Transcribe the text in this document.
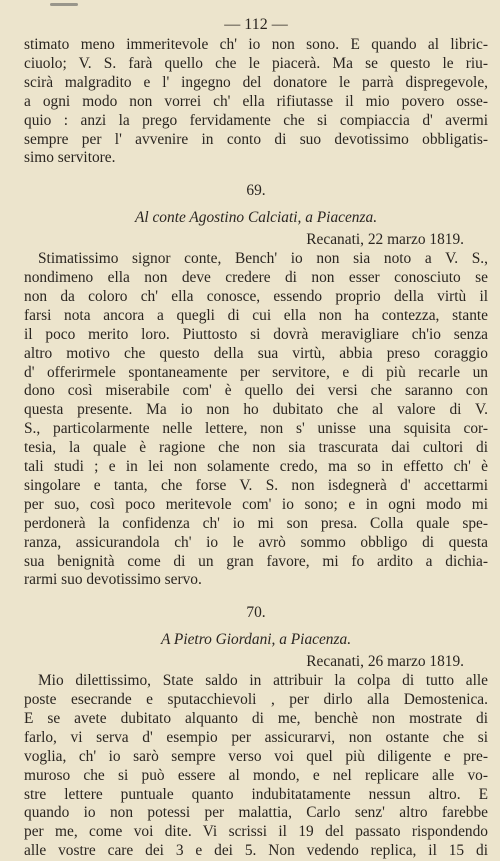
— 112 —
stimato meno immeritevole ch' io non sono. E quando al libric-
ciuolo; V. S. farà quello che le piacerà. Ma se questo le riu-
scirà malgradito e l' ingegno del donatore le parrà dispregevole,
a ogni modo non vorrei ch' ella rifiutasse il mio povero osse-
quio : anzi la prego fervidamente che si compiaccia d' avermi
sempre per l' avvenire in conto di suo devotissimo obbligatis-
simo servitore.
69.
Al conte Agostino Calciati, a Piacenza.
Recanati, 22 marzo 1819.
Stimatissimo signor conte, Bench' io non sia noto a V. S.,
nondimeno ella non deve credere di non esser conosciuto se
non da coloro ch' ella conosce, essendo proprio della virtù il
farsi nota ancora a quegli di cui ella non ha contezza, stante
il poco merito loro. Piuttosto si dovrà meravigliare ch'io senza
altro motivo che questo della sua virtù, abbia preso coraggio
d' offerirmele spontaneamente per servitore, e di più recarle un
dono così miserabile com' è quello dei versi che saranno con
questa presente. Ma io non ho dubitato che al valore di V.
S., particolarmente nelle lettere, non s' unisse una squisita cor-
tesia, la quale è ragione che non sia trascurata dai cultori di
tali studi ; e in lei non solamente credo, ma so in effetto ch' è
singolare e tanta, che forse V. S. non isdegnerà d' accettarmi
per suo, così poco meritevole com' io sono; e in ogni modo mi
perdonerà la confidenza ch' io mi son presa. Colla quale spe-
ranza, assicurandola ch' io le avrò sommo obbligo di questa
sua benignità come di un gran favore, mi fo ardito a dichia-
rarmi suo devotissimo servo.
70.
A Pietro Giordani, a Piacenza.
Recanati, 26 marzo 1819.
Mio dilettissimo, State saldo in attribuir la colpa di tutto alle
poste esecrande e sputacchievoli , per dirlo alla Demostenica.
E se avete dubitato alquanto di me, benchè non mostrate di
farlo, vi serva d' esempio per assicurarvi, non ostante che si
voglia, ch' io sarò sempre verso voi quel più diligente e pre-
muroso che si può essere al mondo, e nel replicare alle vo-
stre lettere puntuale quanto indubitatamente nessun altro. E
quando io non potessi per malattia, Carlo senz' altro farebbe
per me, come voi dite. Vi scrissi il 19 del passato rispondendo
alle vostre care dei 3 e dei 5. Non vedendo replica, il 15 di
